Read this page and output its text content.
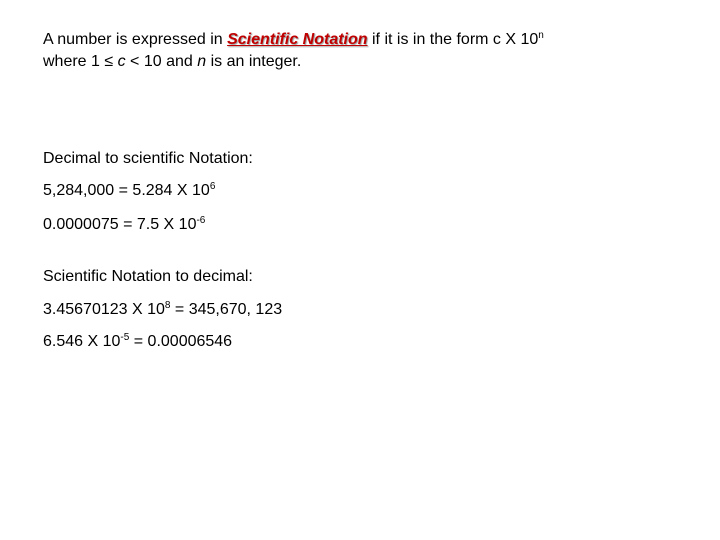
A number is expressed in Scientific Notation if it is in the form c X 10$^n$
where 1 ≤ c < 10 and n is an integer.
Decimal to scientific Notation:
5,284,000 = 5.284 X $10^6$
0.0000075 = 7.5 X $10^{-6}$
Scientific Notation to decimal:
3.45670123 X $10^8 = 345,670$, 123
6.546 X $10^{-5} = 0.00006546$
